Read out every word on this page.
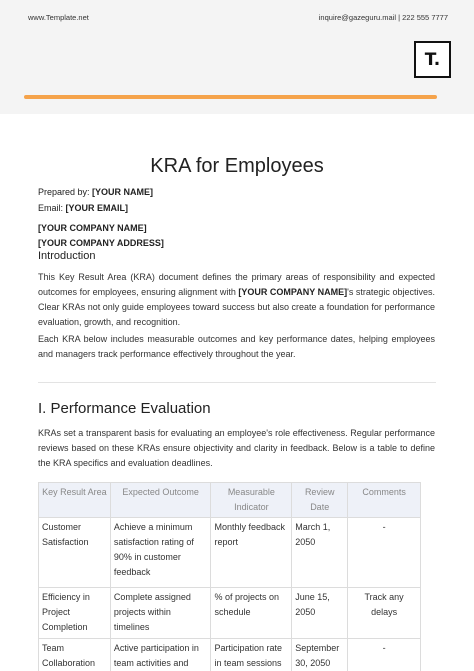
www.Template.net	inquire@gazeguru.mail | 222 555 7777
T.
KRA for Employees
Prepared by: [YOUR NAME]
Email: [YOUR EMAIL]
[YOUR COMPANY NAME]
[YOUR COMPANY ADDRESS]
Introduction
This Key Result Area (KRA) document defines the primary areas of responsibility and expected outcomes for employees, ensuring alignment with [YOUR COMPANY NAME]'s strategic objectives. Clear KRAs not only guide employees toward success but also create a foundation for performance evaluation, growth, and recognition.
Each KRA below includes measurable outcomes and key performance dates, helping employees and managers track performance effectively throughout the year.
I. Performance Evaluation
KRAs set a transparent basis for evaluating an employee's role effectiveness. Regular performance reviews based on these KRAs ensure objectivity and clarity in feedback. Below is a table to define the KRA specifics and evaluation deadlines.
Key Result Area	Expected Outcome	Measurable Indicator	Review Date	Comments
Customer Satisfaction	Achieve a minimum satisfaction rating of 90% in customer feedback	Monthly feedback report	March 1, 2050	-
Efficiency in Project Completion	Complete assigned projects within timelines	% of projects on schedule	June 15, 2050	Track any delays
Team Collaboration	Active participation in team activities and	Participation rate in team sessions	September 30, 2050	-
